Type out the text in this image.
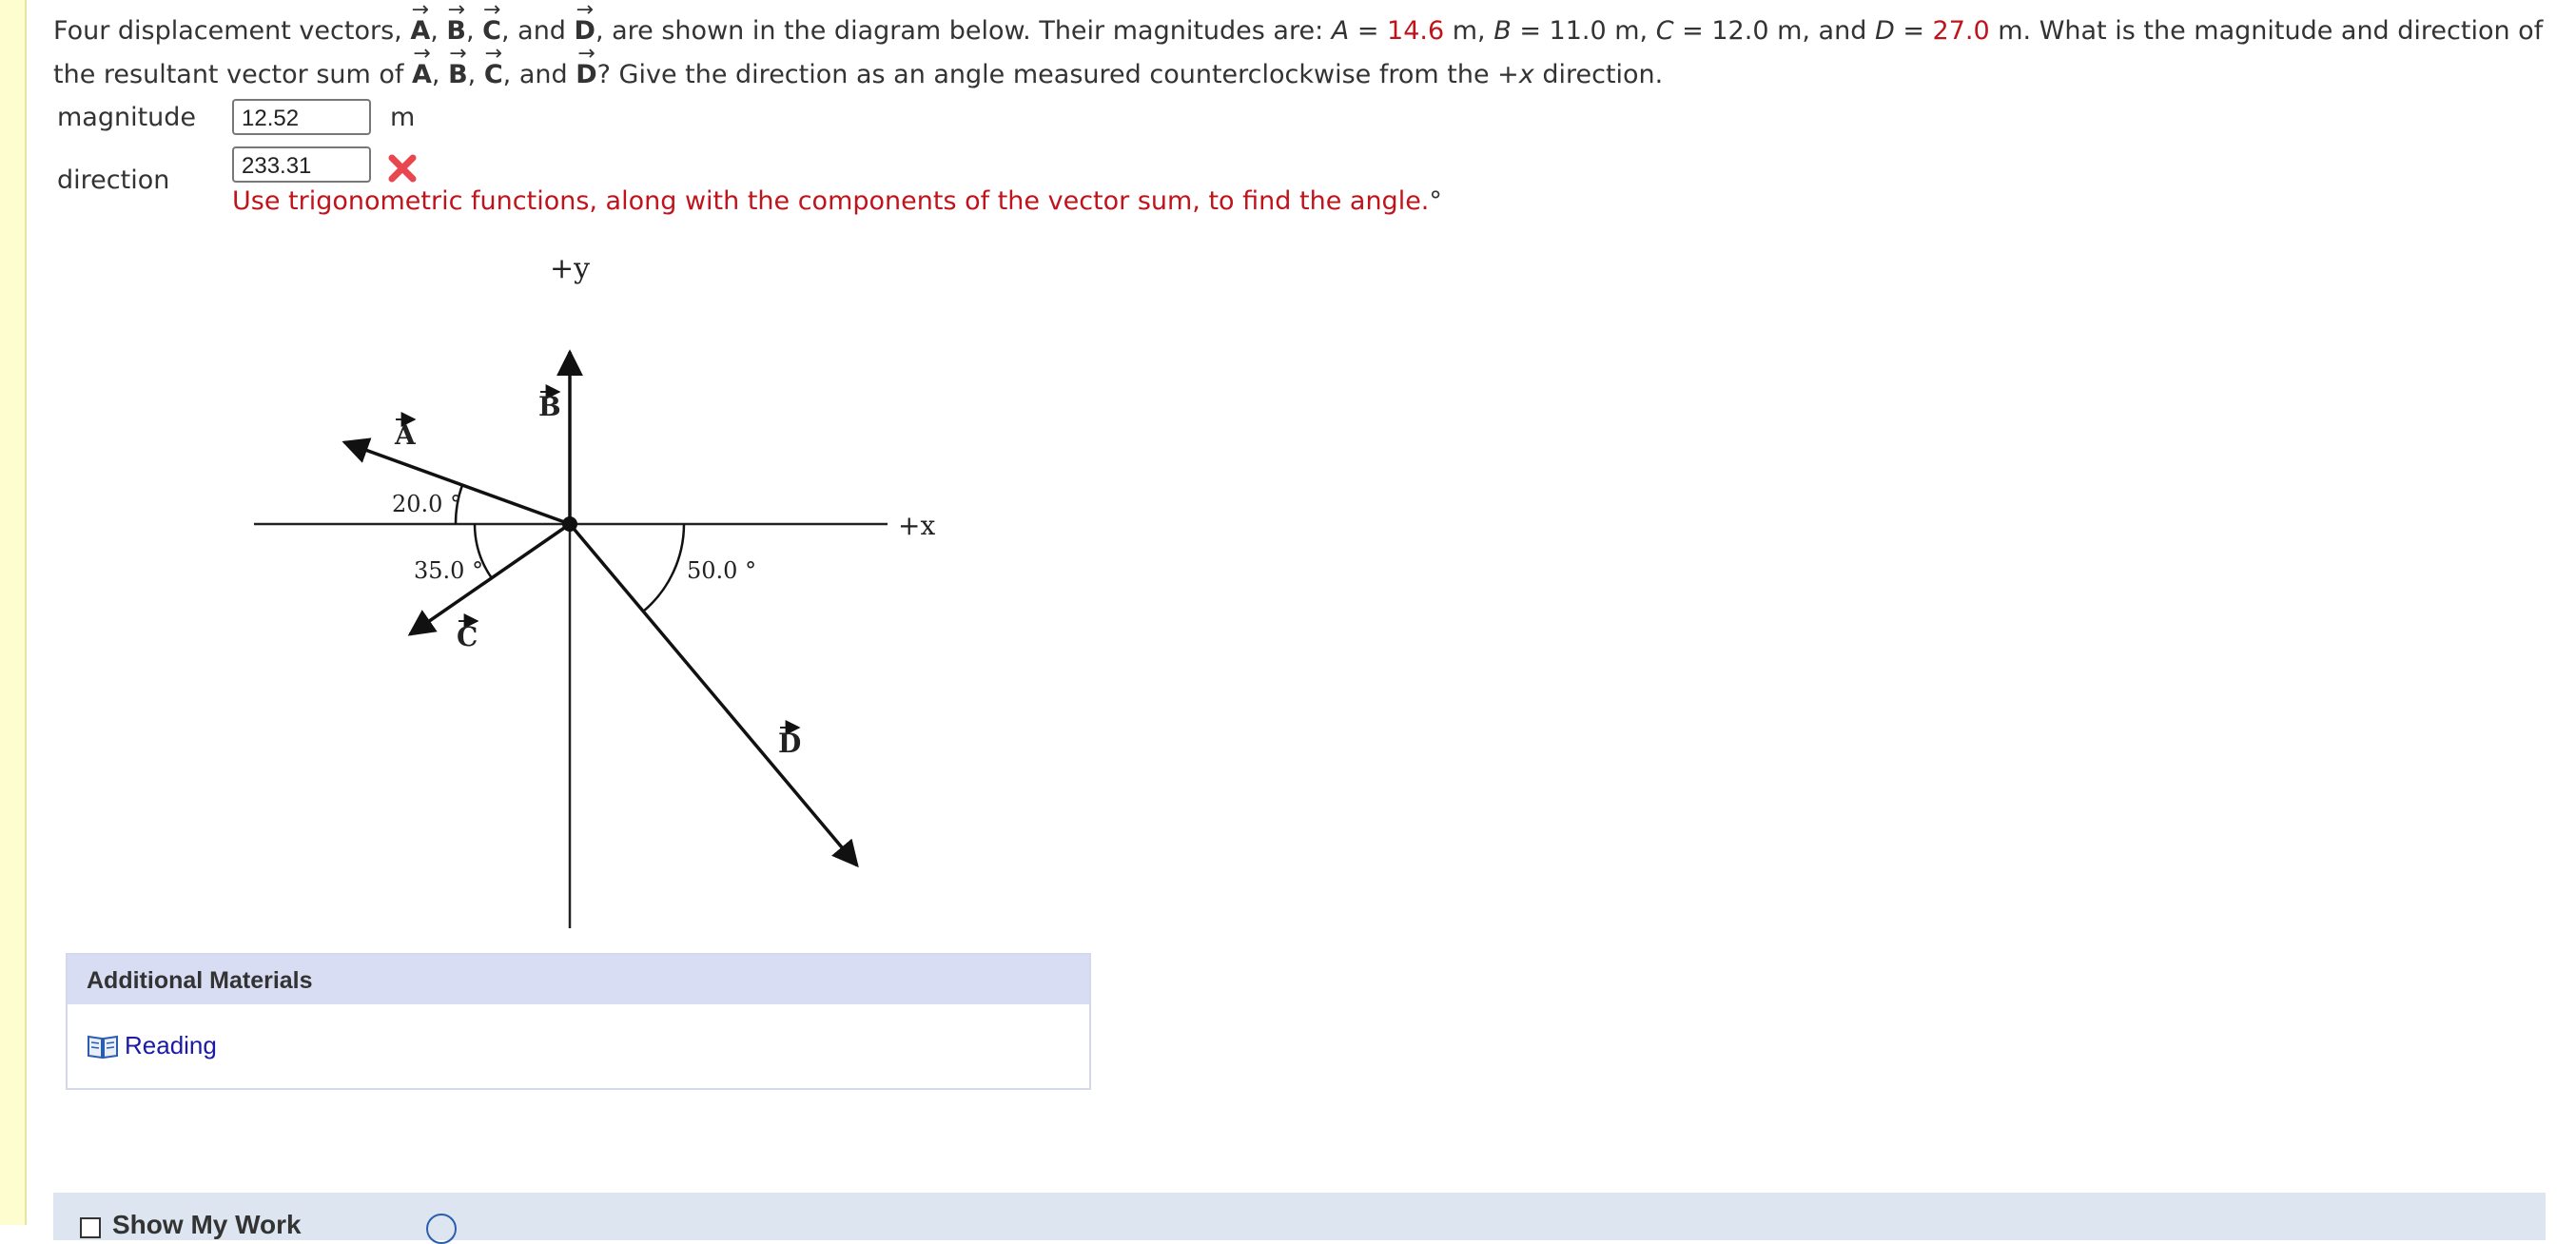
Four displacement vectors, → A, → B, → C, and → D, are shown in the diagram below. Their magnitudes are: A = 14.6 m, B = 11.0 m, C = 12.0 m, and D = 27.0 m. What is the magnitude and direction of the resultant vector sum of → A, → B, → C, and → D? Give the direction as an angle measured counterclockwise from the +x direction.
magnitude	12.52	m
direction	233.31
Use trigonometric functions, along with the components of the vector sum, to find the angle.°
+y
+x
20.0 °
35.0 °	50.0 °
A
B
C
D
Additional Materials
Reading
Show My Work
